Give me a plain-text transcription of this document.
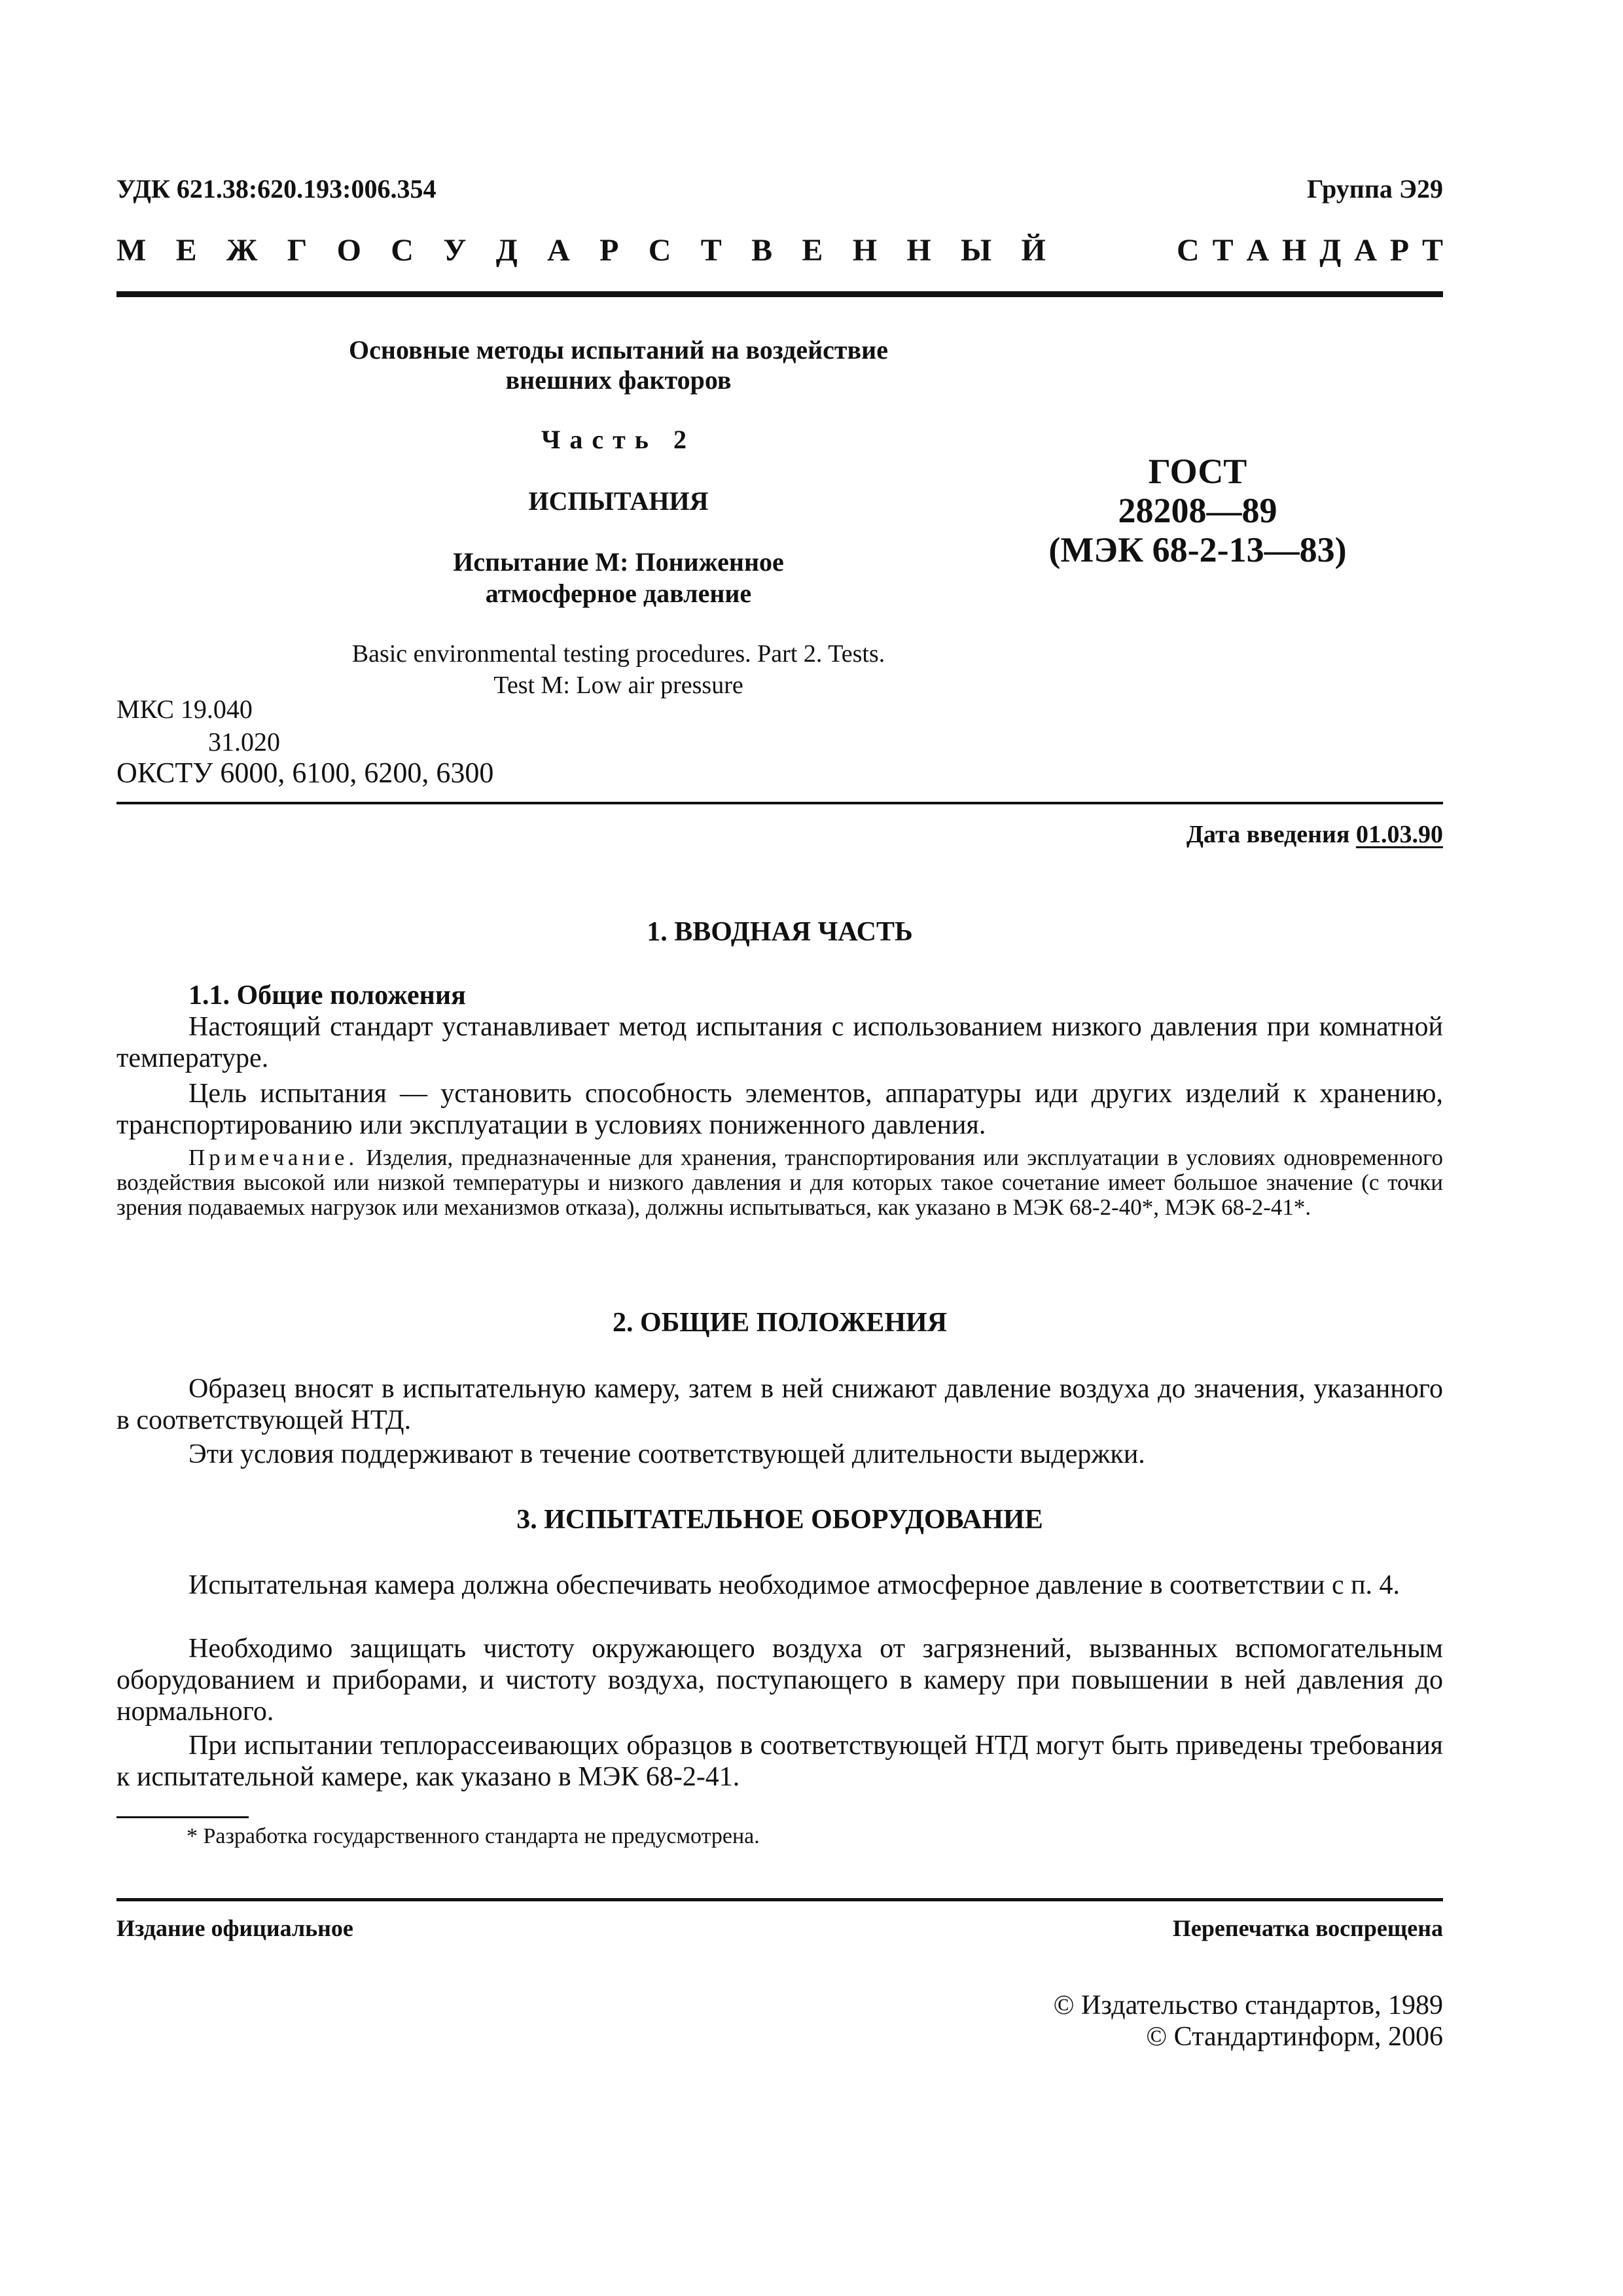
УДК 621.38:620.193:006.354	Группа Э29
М Е Ж Г О С У Д А Р С Т В Е Н Н Ы Й	С Т А Н Д А Р Т
Основные методы испытаний на воздействие
внешних факторов
Часть 2
ИСПЫТАНИЯ
Испытание М: Пониженное
атмосферное давление
ГОСТ
28208—89
(МЭК 68-2-13—83)
Basic environmental testing procedures. Part 2. Tests.
Test M: Low air pressure
МКС 19.040
31.020
ОКСТУ 6000, 6100, 6200, 6300
Дата введения 01.03.90
1. ВВОДНАЯ ЧАСТЬ
1.1. Общие положения
Настоящий стандарт устанавливает метод испытания с использованием низкого давления при комнатной температуре.
Цель испытания — установить способность элементов, аппаратуры иди других изделий к хранению, транспортированию или эксплуатации в условиях пониженного давления.
Примечание. Изделия, предназначенные для хранения, транспортирования или эксплуатации в условиях одновременного воздействия высокой или низкой температуры и низкого давления и для которых такое сочетание имеет большое значение (с точки зрения подаваемых нагрузок или механизмов отказа), должны испытываться, как указано в МЭК 68-2-40*, МЭК 68-2-41*.
2. ОБЩИЕ ПОЛОЖЕНИЯ
Образец вносят в испытательную камеру, затем в ней снижают давление воздуха до значения, указанного в соответствующей НТД.
Эти условия поддерживают в течение соответствующей длительности выдержки.
3. ИСПЫТАТЕЛЬНОЕ ОБОРУДОВАНИЕ
Испытательная камера должна обеспечивать необходимое атмосферное давление в соответствии с п. 4.
Необходимо защищать чистоту окружающего воздуха от загрязнений, вызванных вспомогательным оборудованием и приборами, и чистоту воздуха, поступающего в камеру при повышении в ней давления до нормального.
При испытании теплорассеивающих образцов в соответствующей НТД могут быть приведены требования к испытательной камере, как указано в МЭК 68-2-41.
* Разработка государственного стандарта не предусмотрена.
Издание официальное	Перепечатка воспрещена
© Издательство стандартов, 1989
© Стандартинформ, 2006
